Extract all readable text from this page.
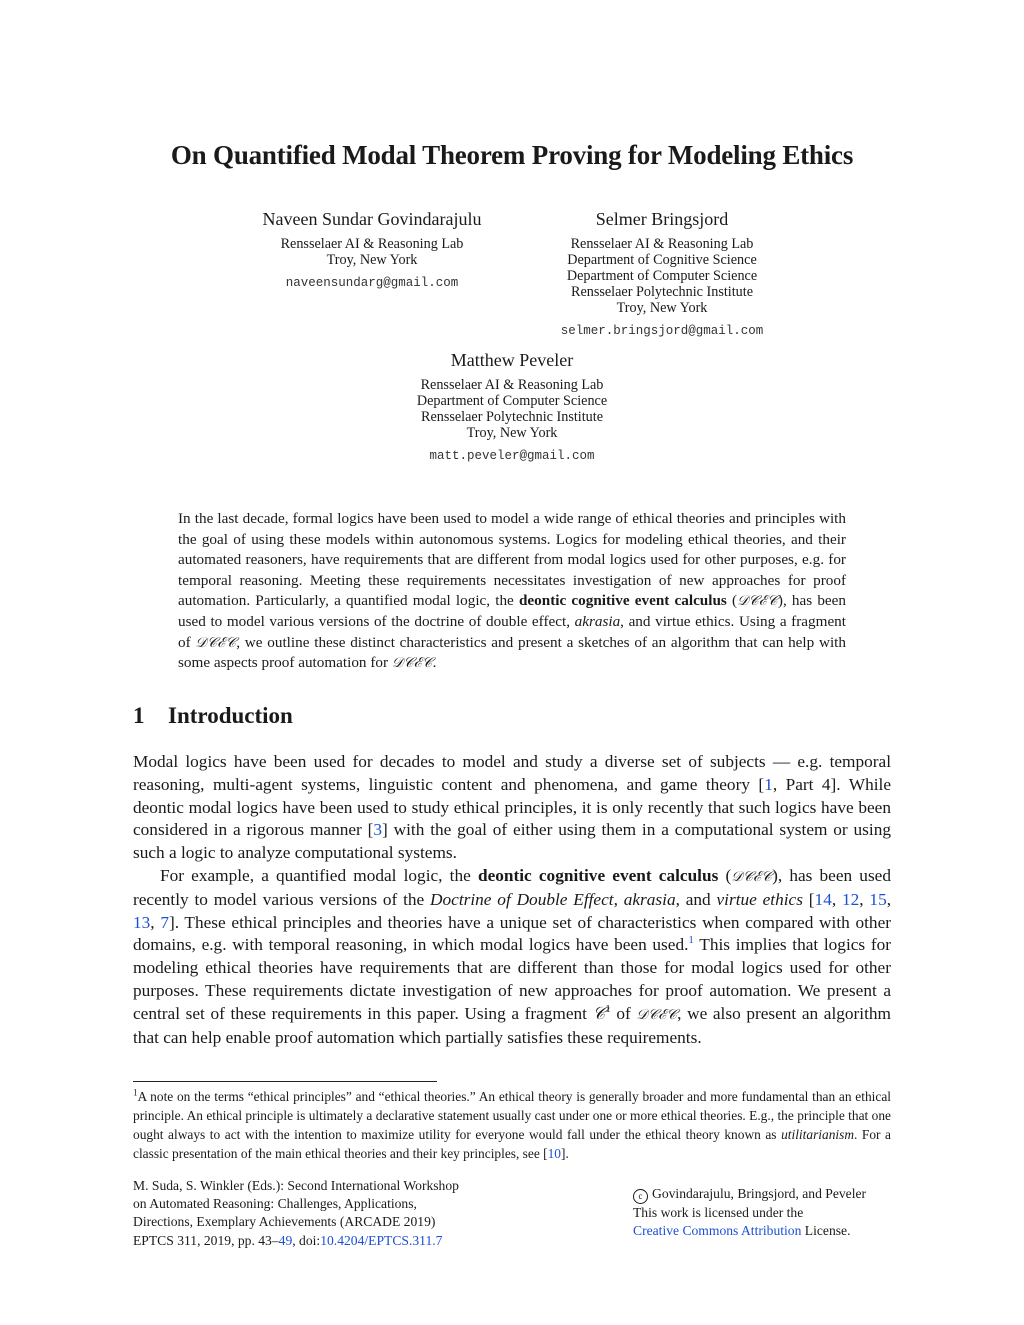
On Quantified Modal Theorem Proving for Modeling Ethics
Naveen Sundar Govindarajulu
Rensselaer AI & Reasoning Lab
Troy, New York
naveensundarg@gmail.com
Selmer Bringsjord
Rensselaer AI & Reasoning Lab
Department of Cognitive Science
Department of Computer Science
Rensselaer Polytechnic Institute
Troy, New York
selmer.bringsjord@gmail.com
Matthew Peveler
Rensselaer AI & Reasoning Lab
Department of Computer Science
Rensselaer Polytechnic Institute
Troy, New York
matt.peveler@gmail.com
In the last decade, formal logics have been used to model a wide range of ethical theories and principles with the goal of using these models within autonomous systems. Logics for modeling ethical theories, and their automated reasoners, have requirements that are different from modal logics used for other purposes, e.g. for temporal reasoning. Meeting these requirements necessitates investigation of new approaches for proof automation. Particularly, a quantified modal logic, the deontic cognitive event calculus (𝒟𝒞ℰ𝒞), has been used to model various versions of the doctrine of double effect, akrasia, and virtue ethics. Using a fragment of 𝒟𝒞ℰ𝒞, we outline these distinct characteristics and present a sketches of an algorithm that can help with some aspects proof automation for 𝒟𝒞ℰ𝒞.
1 Introduction

Modal logics have been used for decades to model and study a diverse set of subjects — e.g. temporal reasoning, multi-agent systems, linguistic content and phenomena, and game theory [1, Part 4]. While deontic modal logics have been used to study ethical principles, it is only recently that such logics have been considered in a rigorous manner [3] with the goal of either using them in a computational system or using such a logic to analyze computational systems.

For example, a quantified modal logic, the deontic cognitive event calculus (𝒟𝒞ℰ𝒞), has been used recently to model various versions of the Doctrine of Double Effect, akrasia, and virtue ethics [14, 12, 15, 13, 7]. These ethical principles and theories have a unique set of characteristics when compared with other domains, e.g. with temporal reasoning, in which modal logics have been used.$^1$ This implies that logics for modeling ethical theories have requirements that are different than those for modal logics used for other purposes. These requirements dictate investigation of new approaches for proof automation. We present a central set of these requirements in this paper. Using a fragment 𝒞$^1$ of 𝒟𝒞ℰ𝒞, we also present an algorithm that can help enable proof automation which partially satisfies these requirements.

$^1$A note on the terms “ethical principles” and “ethical theories.” An ethical theory is generally broader and more fundamental than an ethical principle. An ethical principle is ultimately a declarative statement usually cast under one or more ethical theories. E.g., the principle that one ought always to act with the intention to maximize utility for everyone would fall under the ethical theory known as utilitarianism. For a classic presentation of the main ethical theories and their key principles, see [10].
M. Suda, S. Winkler (Eds.): Second International Workshop
on Automated Reasoning: Challenges, Applications,
Directions, Exemplary Achievements (ARCADE 2019)
EPTCS 311, 2019, pp. 43–49, doi:10.4204/EPTCS.311.7
c Govindarajulu, Bringsjord, and Peveler
This work is licensed under the
Creative Commons Attribution License.
